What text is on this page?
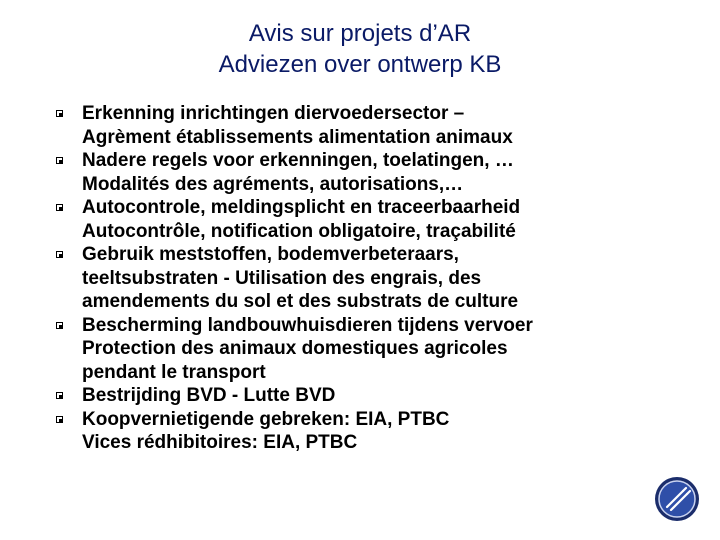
Avis sur projets d’AR
Adviezen over ontwerp KB
Erkenning inrichtingen diervoedersector –
Agrèment établissements alimentation animaux
Nadere regels voor erkenningen, toelatingen, …
Modalités des agréments, autorisations,…
Autocontrole, meldingsplicht en traceerbaarheid
Autocontrôle, notification obligatoire, traçabilité
Gebruik meststoffen, bodemverbeteraars,
teeltsubstraten - Utilisation des engrais, des
amendements du sol et des substrats de culture
Bescherming landbouwhuisdieren tijdens vervoer
Protection des animaux domestiques agricoles
pendant le transport
Bestrijding BVD - Lutte BVD
Koopvernietigende gebreken: EIA, PTBC
Vices rédhibitoires: EIA, PTBC
